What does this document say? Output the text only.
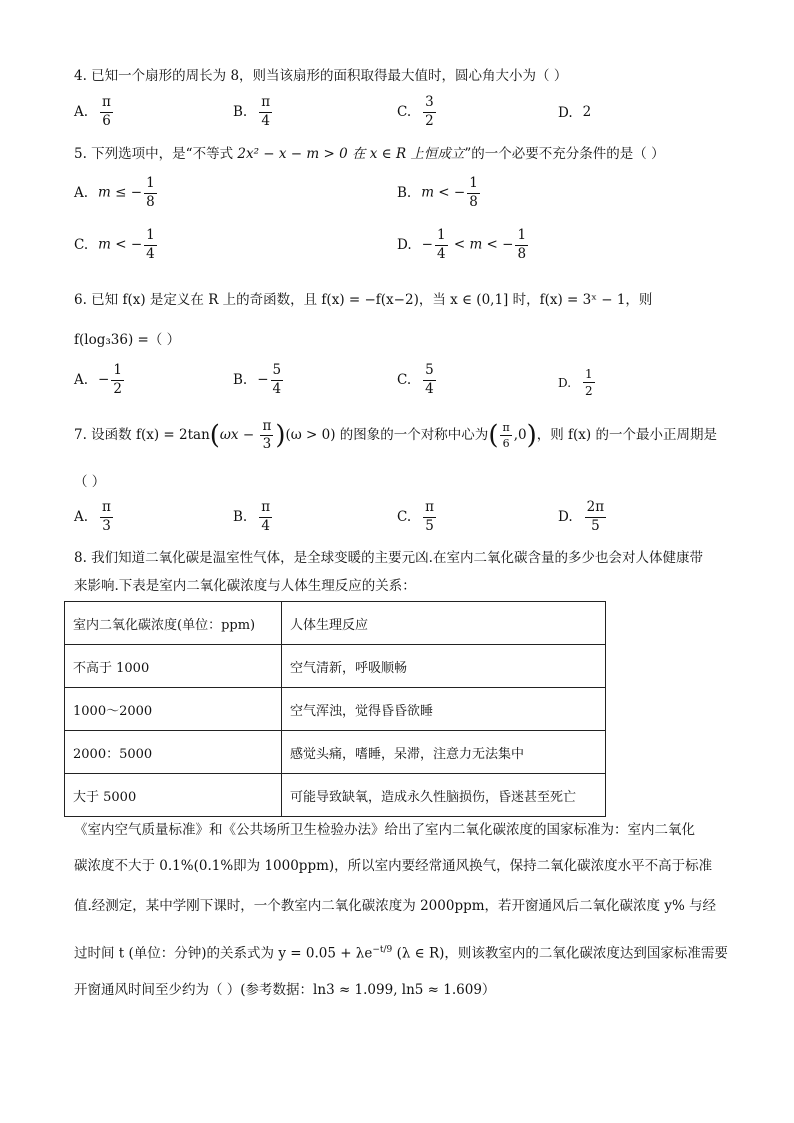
4. 已知一个扇形的周长为 8，则当该扇形的面积取得最大值时，圆心角大小为（ ）
A. $\frac{\pi}{6}$	B. $\frac{\pi}{4}$	C. $\frac{3}{2}$	D. 2
5. 下列选项中，是“不等式 2x² − x − m > 0 在 x ∈ R 上恒成立”的一个必要不充分条件的是（ ）
A. m ≤ − $\frac{1}{8}$	B. m < − $\frac{1}{8}$
C. m < − $\frac{1}{4}$	D. − $\frac{1}{4} < m$ < − $\frac{1}{8}$
6. 已知 f(x) 是定义在 R 上的奇函数，且 f(x) = −f(x−2)，当 x ∈ (0,1] 时，f(x) = 3ˣ − 1，则
f(log₃36) =（ ）
A. − $\frac{1}{2}$	B. − $\frac{5}{4}$	C. $\frac{5}{4}$	D. $\frac{1}{2}$
7. 设函数 $f(x) = 2\tan(\omega x - \frac{\pi}{3} )(\omega > 0)$ 的图象的一个对称中心为( $\frac{\pi}{6} ,0$)，则 f(x) 的一个最小正周期是
（ ）
A. $\frac{\pi}{3}$	B. $\frac{\pi}{4}$	C. $\frac{\pi}{5}$	D. $\frac{2\pi}{5}$
8. 我们知道二氧化碳是温室性气体，是全球变暖的主要元凶.在室内二氧化碳含量的多少也会对人体健康带
来影响.下表是室内二氧化碳浓度与人体生理反应的关系：
室内二氧化碳浓度(单位：ppm)	人体生理反应
不高于 1000	空气清新，呼吸顺畅
1000～2000	空气浑浊，觉得昏昏欲睡
2000：5000	感觉头痛，嗜睡，呆滞，注意力无法集中
大于 5000	可能导致缺氧，造成永久性脑损伤，昏迷甚至死亡
《室内空气质量标准》和《公共场所卫生检验办法》给出了室内二氧化碳浓度的国家标准为：室内二氧化
碳浓度不大于 0.1%(0.1%即为 1000ppm)，所以室内要经常通风换气，保持二氧化碳浓度水平不高于标准
值.经测定，某中学刚下课时，一个教室内二氧化碳浓度为 2000ppm，若开窗通风后二氧化碳浓度 y% 与经
过时间 t (单位：分钟)的关系式为 $y = 0.05 + \lambda e^{-t/9}$ (λ ∈ R)，则该教室内的二氧化碳浓度达到国家标准需要
开窗通风时间至少约为（ ）(参考数据：ln3 ≈ 1.099, ln5 ≈ 1.609）
